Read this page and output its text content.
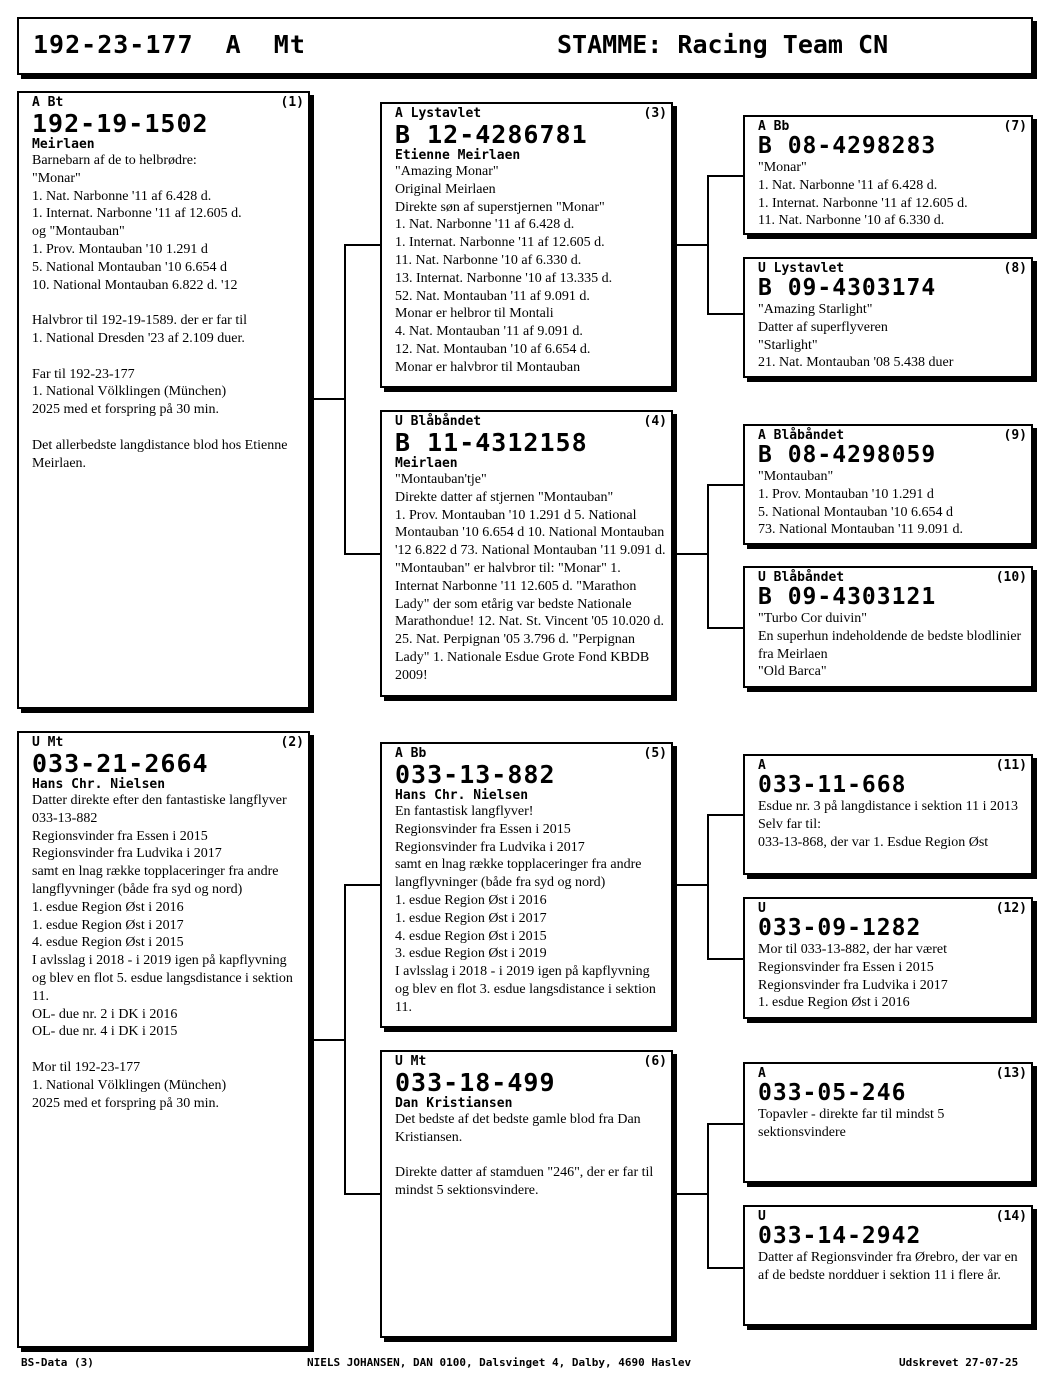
192-23-177  A  Mt	STAMME: Racing Team CN
A Bt	(1)
192-19-1502
Meirlaen
Barnebarn af de to helbrødre:
"Monar"
1. Nat. Narbonne '11 af 6.428 d.
1. Internat. Narbonne '11 af 12.605 d.
og "Montauban"
1. Prov. Montauban '10 1.291 d
5. National Montauban '10 6.654 d
10. National Montauban 6.822 d. '12

Halvbror til 192-19-1589. der er far til
1. National Dresden '23 af 2.109 duer.

Far til 192-23-177
1. National Völklingen (München)
2025 med et forspring på 30 min.

Det allerbedste langdistance blod hos Etienne Meirlaen.
U Mt	(2)
033-21-2664
Hans Chr. Nielsen
Datter direkte efter den fantastiske langflyver
033-13-882
Regionsvinder fra Essen i 2015
Regionsvinder fra Ludvika i 2017
samt en lnag række topplaceringer fra andre langflyvninger (både fra syd og nord)
1. esdue Region Øst i 2016
1. esdue Region Øst i 2017
4. esdue Region Øst i 2015
I avlsslag i 2018 - i 2019 igen på kapflyvning og blev en flot 5. esdue langsdistance i sektion 11.
OL- due nr. 2 i DK i 2016
OL- due nr. 4 i DK i 2015

Mor til 192-23-177
1. National Völklingen (München)
2025 med et forspring på 30 min.
A Lystavlet	(3)
B 12-4286781
Etienne Meirlaen
"Amazing Monar"
Original Meirlaen
Direkte søn af superstjernen "Monar"
1. Nat. Narbonne '11 af 6.428 d.
1. Internat. Narbonne '11 af 12.605 d.
11. Nat. Narbonne '10 af 6.330 d.
13. Internat. Narbonne '10 af 13.335 d.
52. Nat. Montauban '11 af 9.091 d.
Monar er helbror til Montali
4. Nat. Montauban '11 af 9.091 d.
12. Nat. Montauban '10 af 6.654 d.
Monar er halvbror til Montauban
U Blåbåndet	(4)
B 11-4312158
Meirlaen
"Montauban'tje"
Direkte datter af stjernen "Montauban"
1. Prov. Montauban '10 1.291 d 5. National Montauban '10 6.654 d 10. National Montauban '12 6.822 d 73. National Montauban '11 9.091 d. "Montauban" er halvbror til: "Monar" 1. Internat Narbonne '11 12.605 d. "Marathon Lady" der som etårig var bedste Nationale Marathondue! 12. Nat. St. Vincent '05 10.020 d. 25. Nat. Perpignan '05 3.796 d. "Perpignan Lady" 1. Nationale Esdue Grote Fond KBDB 2009!
A Bb	(5)
033-13-882
Hans Chr. Nielsen
En fantastisk langflyver!
Regionsvinder fra Essen i 2015
Regionsvinder fra Ludvika i 2017
samt en lnag række topplaceringer fra andre langflyvninger (både fra syd og nord)
1. esdue Region Øst i 2016
1. esdue Region Øst i 2017
4. esdue Region Øst i 2015
3. esdue Region Øst i 2019
I avlsslag i 2018 - i 2019 igen på kapflyvning og blev en flot 3. esdue langsdistance i sektion 11.
U Mt	(6)
033-18-499
Dan Kristiansen
Det bedste af det bedste gamle blod fra Dan Kristiansen.

Direkte datter af stamduen "246", der er far til mindst 5 sektionsvindere.
A Bb	(7)
B 08-4298283
"Monar"
1. Nat. Narbonne '11 af 6.428 d.
1. Internat. Narbonne '11 af 12.605 d.
11. Nat. Narbonne '10 af 6.330 d.
U Lystavlet	(8)
B 09-4303174
"Amazing Starlight"
Datter af superflyveren
"Starlight"
21. Nat. Montauban '08 5.438 duer
A Blåbåndet	(9)
B 08-4298059
"Montauban"
1. Prov. Montauban '10 1.291 d
5. National Montauban '10 6.654 d
73. National Montauban '11 9.091 d.
U Blåbåndet	(10)
B 09-4303121
"Turbo Cor duivin"
En superhun indeholdende de bedste blodlinier fra Meirlaen
"Old Barca"
A	(11)
033-11-668
Esdue nr. 3 på langdistance i sektion 11 i 2013
Selv far til:
033-13-868, der var 1. Esdue Region Øst
U	(12)
033-09-1282
Mor til 033-13-882, der har været
Regionsvinder fra Essen i 2015
Regionsvinder fra Ludvika i 2017
1. esdue Region Øst i 2016
A	(13)
033-05-246
Topavler - direkte far til mindst 5 sektionsvindere
U	(14)
033-14-2942
Datter af Regionsvinder fra Ørebro, der var en af de bedste nordduer i sektion 11 i flere år.
BS-Data (3)	NIELS JOHANSEN, DAN 0100, Dalsvinget 4, Dalby, 4690 Haslev	Udskrevet 27-07-25
